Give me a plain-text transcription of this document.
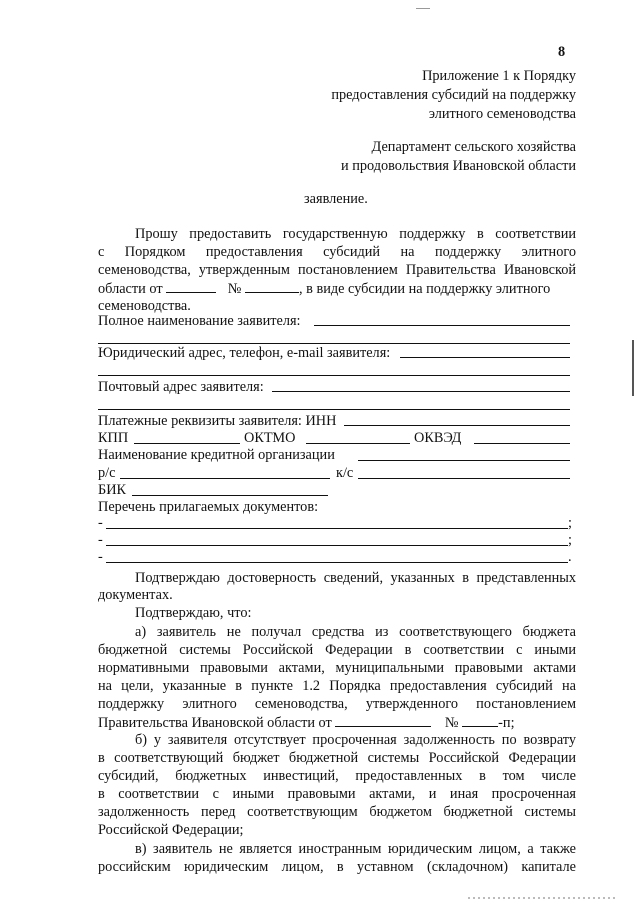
8
Приложение 1 к Порядку
предоставления субсидий на поддержку
элитного семеноводства
Департамент сельского хозяйства
и продовольствия Ивановской области
заявление.
Прошу предоставить государственную поддержку в соответствии
с Порядком предоставления субсидий на поддержку элитного
семеноводства, утвержденным постановлением Правительства Ивановской
области от	№	, в виде субсидии на поддержку элитного
семеноводства.
Полное наименование заявителя:
Юридический адрес, телефон, e-mail заявителя:
Почтовый адрес заявителя:
Платежные реквизиты заявителя: ИНН
КПП	ОКТМО	ОКВЭД
Наименование кредитной организации
р/с	к/с
БИК
Перечень прилагаемых документов:
-	;
-	;
-	.
Подтверждаю достоверность сведений, указанных в представленных
документах.
Подтверждаю, что:
а) заявитель не получал средства из соответствующего бюджета
бюджетной системы Российской Федерации в соответствии с иными
нормативными правовыми актами, муниципальными правовыми актами
на цели, указанные в пункте 1.2 Порядка предоставления субсидий на
поддержку элитного семеноводства, утвержденного постановлением
Правительства Ивановской области от	№	-п;
б) у заявителя отсутствует просроченная задолженность по возврату
в соответствующий бюджет бюджетной системы Российской Федерации
субсидий, бюджетных инвестиций, предоставленных в том числе
в соответствии с иными правовыми актами, и иная просроченная
задолженность перед соответствующим бюджетом бюджетной системы
Российской Федерации;
в) заявитель не является иностранным юридическим лицом, а также
российским юридическим лицом, в уставном (складочном) капитале
